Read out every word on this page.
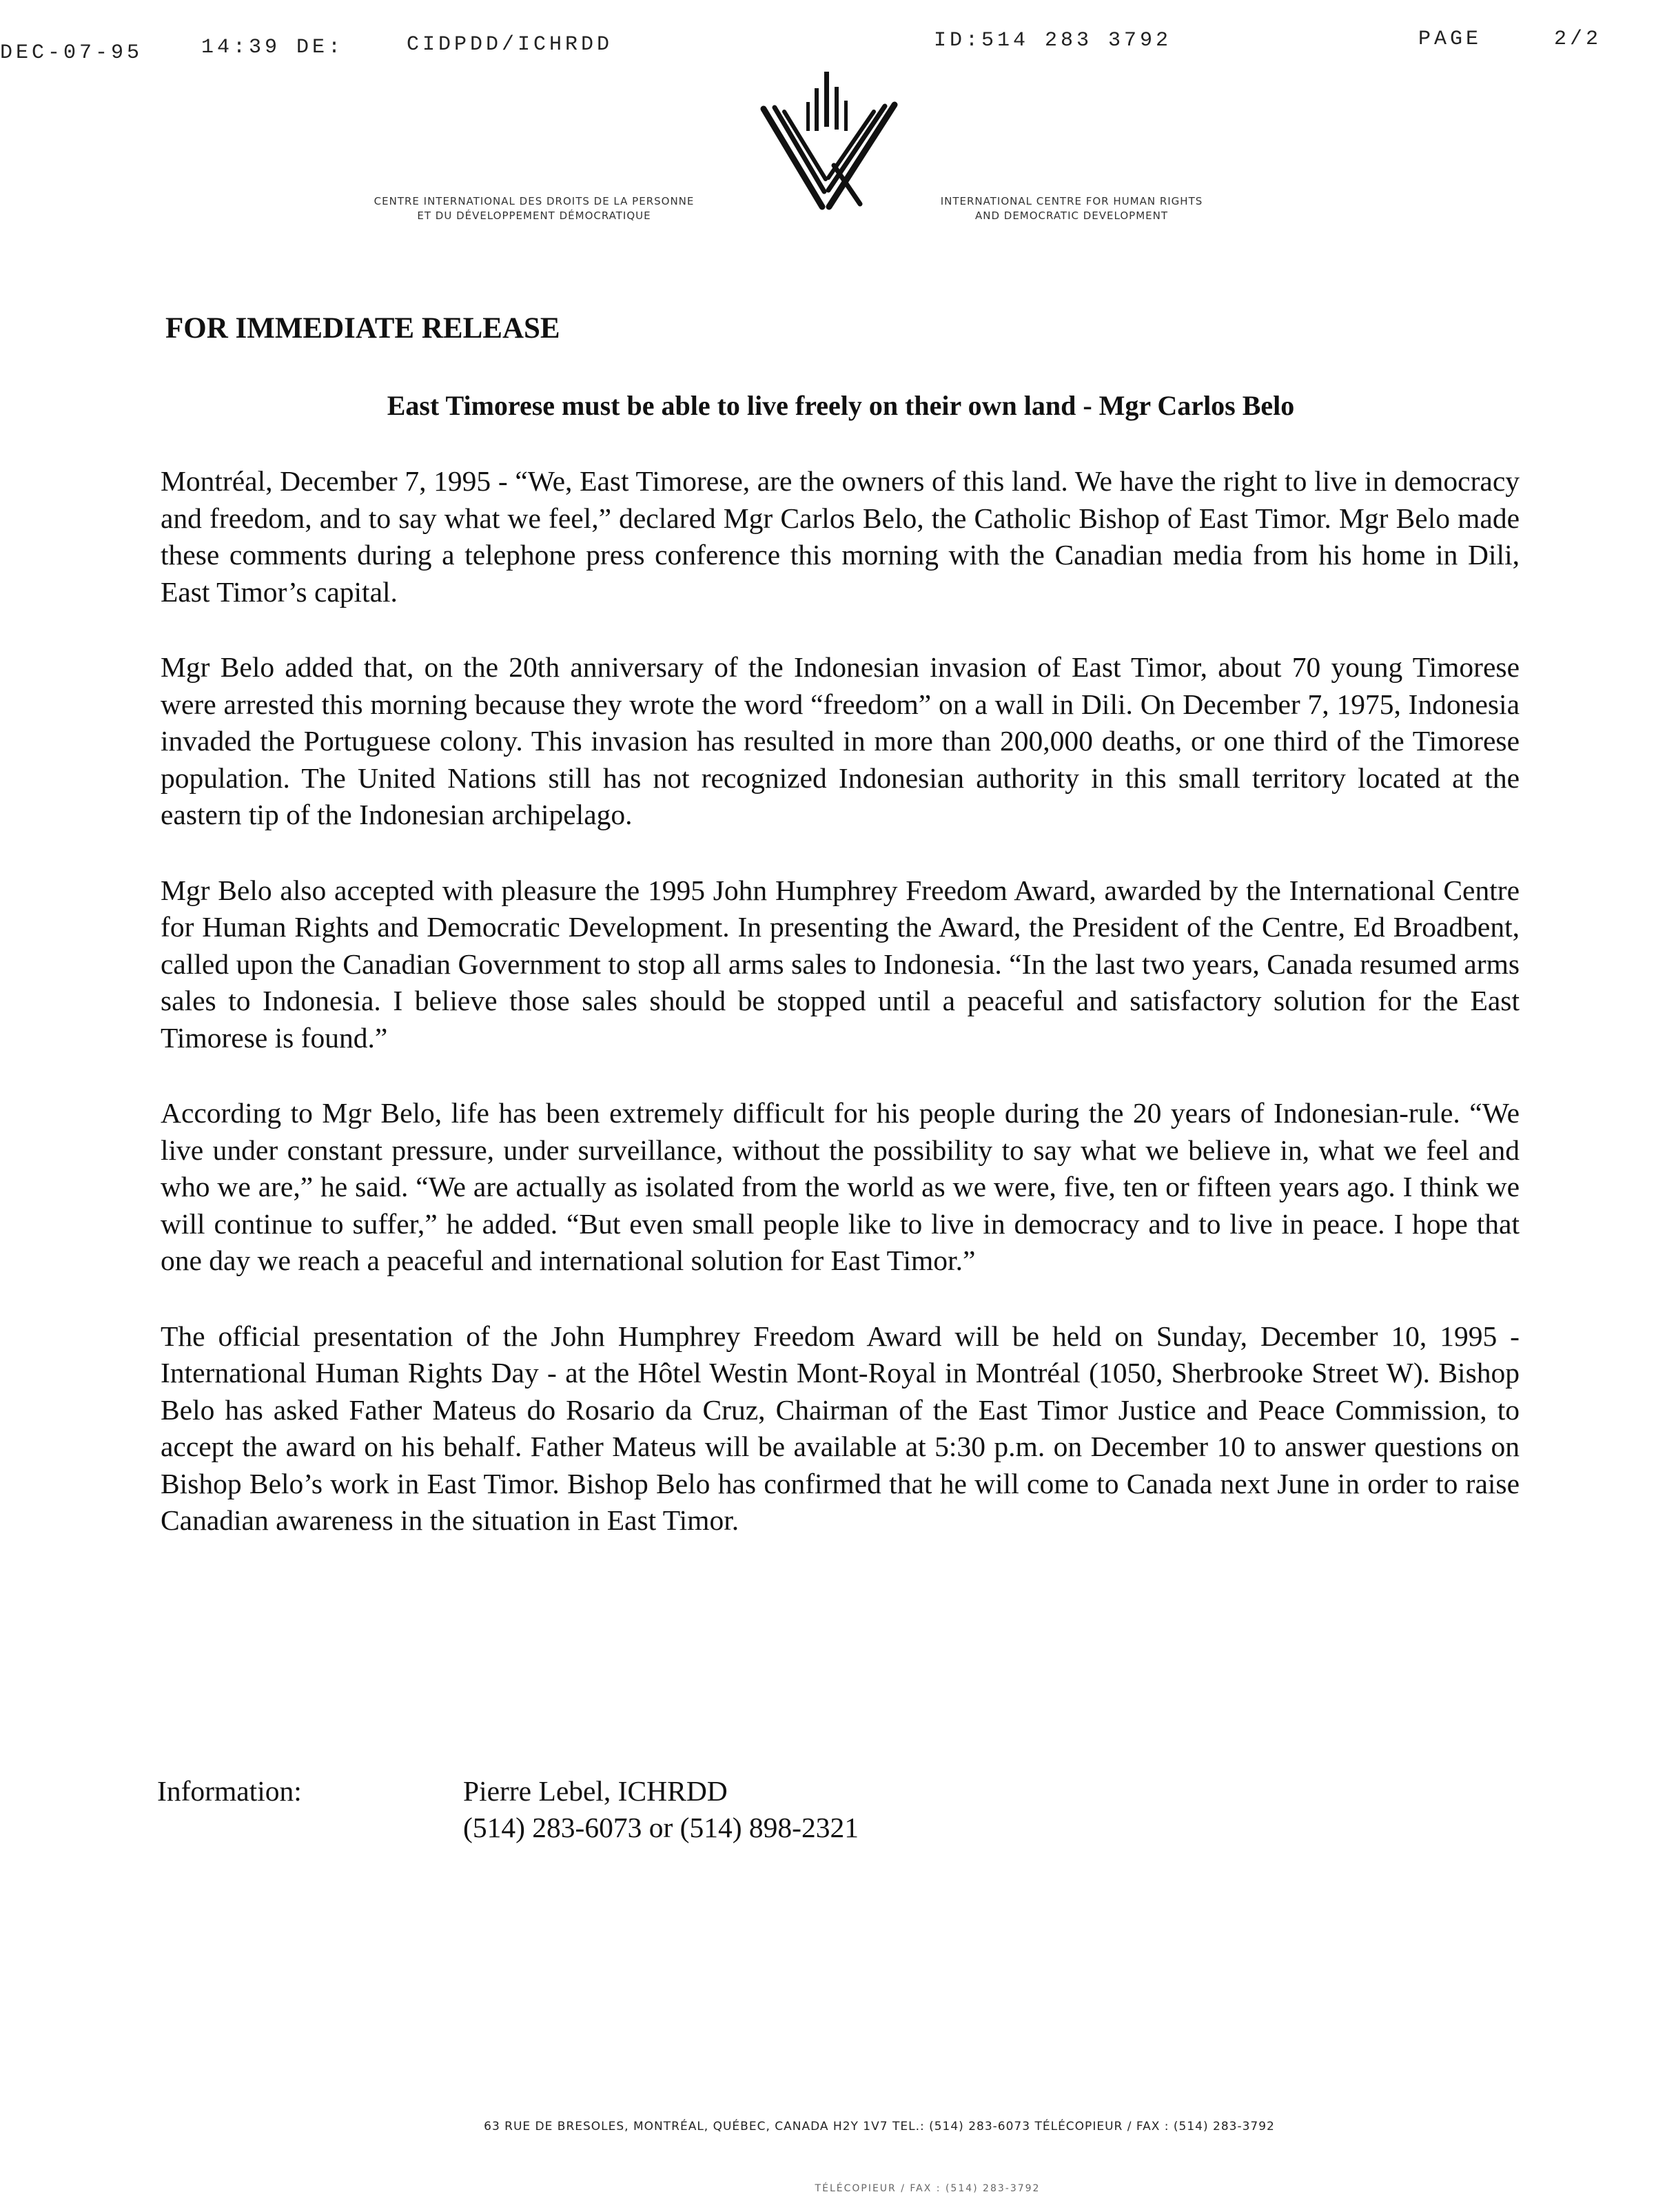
DEC-07-95	14:39 DE:	CIDPDD/ICHRDD	ID:514 283 3792	PAGE	2/2
CENTRE INTERNATIONAL DES DROITS DE LA PERSONNE
ET DU DÉVELOPPEMENT DÉMOCRATIQUE
INTERNATIONAL CENTRE FOR HUMAN RIGHTS
AND DEMOCRATIC DEVELOPMENT
FOR IMMEDIATE RELEASE
East Timorese must be able to live freely on their own land - Mgr Carlos Belo

Montréal, December 7, 1995 - “We, East Timorese, are the owners of this land. We have the right to live in democracy and freedom, and to say what we feel,” declared Mgr Carlos Belo, the Catholic Bishop of East Timor. Mgr Belo made these comments during a telephone press conference this morning with the Canadian media from his home in Dili, East Timor’s capital.

Mgr Belo added that, on the 20th anniversary of the Indonesian invasion of East Timor, about 70 young Timorese were arrested this morning because they wrote the word “freedom” on a wall in Dili. On December 7, 1975, Indonesia invaded the Portuguese colony. This invasion has resulted in more than 200,000 deaths, or one third of the Timorese population. The United Nations still has not recognized Indonesian authority in this small territory located at the eastern tip of the Indonesian archipelago.

Mgr Belo also accepted with pleasure the 1995 John Humphrey Freedom Award, awarded by the International Centre for Human Rights and Democratic Development. In presenting the Award, the President of the Centre, Ed Broadbent, called upon the Canadian Government to stop all arms sales to Indonesia. “In the last two years, Canada resumed arms sales to Indonesia. I believe those sales should be stopped until a peaceful and satisfactory solution for the East Timorese is found.”

According to Mgr Belo, life has been extremely difficult for his people during the 20 years of Indonesian-rule. “We live under constant pressure, under surveillance, without the possibility to say what we believe in, what we feel and who we are,” he said. “We are actually as isolated from the world as we were, five, ten or fifteen years ago. I think we will continue to suffer,” he added. “But even small people like to live in democracy and to live in peace. I hope that one day we reach a peaceful and international solution for East Timor.”

The official presentation of the John Humphrey Freedom Award will be held on Sunday, December 10, 1995 - International Human Rights Day - at the Hôtel Westin Mont-Royal in Montréal (1050, Sherbrooke Street W). Bishop Belo has asked Father Mateus do Rosario da Cruz, Chairman of the East Timor Justice and Peace Commission, to accept the award on his behalf. Father Mateus will be available at 5:30 p.m. on December 10 to answer questions on Bishop Belo’s work in East Timor. Bishop Belo has confirmed that he will come to Canada next June in order to raise Canadian awareness in the situation in East Timor.

Information:	Pierre Lebel, ICHRDD
(514) 283-6073 or (514) 898-2321
63 RUE DE BRESOLES, MONTRÉAL, QUÉBEC, CANADA H2Y 1V7 TEL.: (514) 283-6073 TÉLÉCOPIEUR / FAX : (514) 283-3792
TÉLÉCOPIEUR / FAX : (514) 283-3792
